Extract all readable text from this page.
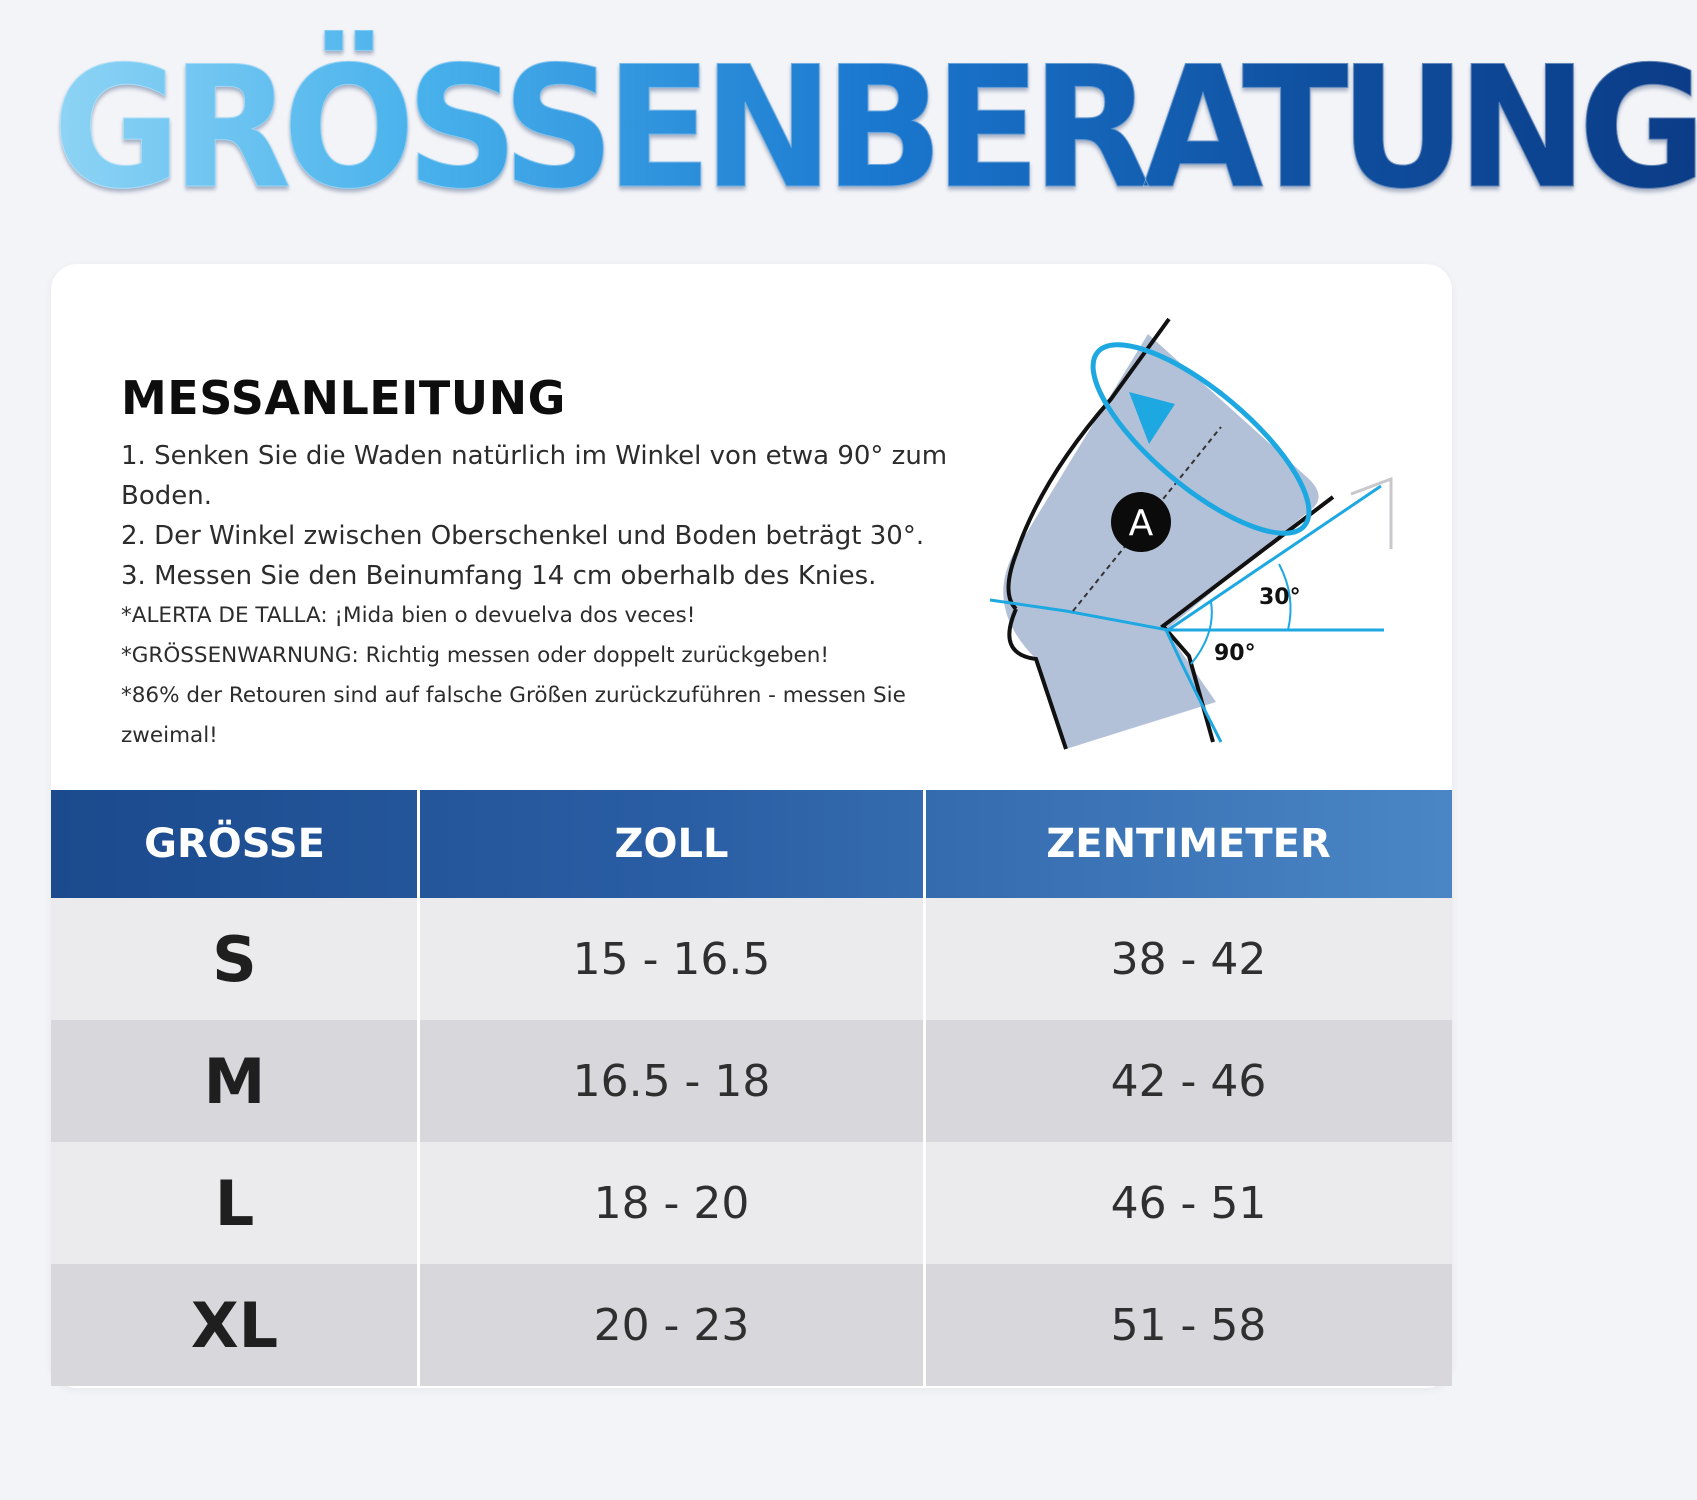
GRÖSSENBERATUNG
MESSANLEITUNG
1. Senken Sie die Waden natürlich im Winkel von etwa 90° zum Boden.
2. Der Winkel zwischen Oberschenkel und Boden beträgt 30°.
3. Messen Sie den Beinumfang 14 cm oberhalb des Knies.
*ALERTA DE TALLA: ¡Mida bien o devuelva dos veces!
*GRÖSSENWARNUNG: Richtig messen oder doppelt zurückgeben!
*86% der Retouren sind auf falsche Größen zurückzuführen - messen Sie zweimal!
A
30°
90°
GRÖSSE	ZOLL	ZENTIMETER
S	15 - 16.5	38 - 42
M	16.5 - 18	42 - 46
L	18 - 20	46 - 51
XL	20 - 23	51 - 58
